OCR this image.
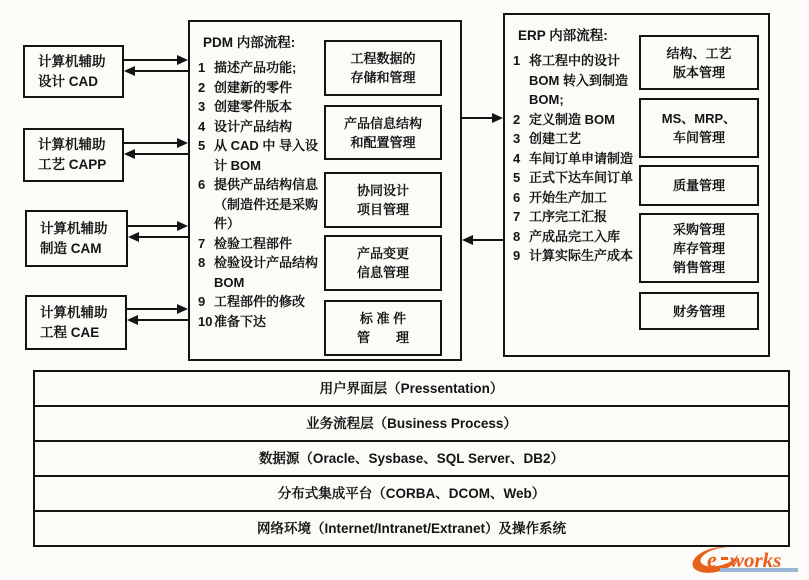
计算机辅助
设计 CAD
计算机辅助
工艺 CAPP
计算机辅助
制造 CAM
计算机辅助
工程 CAE
PDM 内部流程:
1 描述产品功能;
2 创建新的零件
3 创建零件版本
4 设计产品结构
5 从 CAD 中 导入设计 BOM
6 提供产品结构信息（制造件还是采购件）
7 检验工程部件
8 检验设计产品结构 BOM
9 工程部件的修改
10 准备下达
工程数据的
存储和管理
产品信息结构
和配置管理
协同设计
项目管理
产品变更
信息管理
标 准 件
管　　理
ERP 内部流程:
1 将工程中的设计 BOM 转入到制造 BOM;
2 定义制造 BOM
3 创建工艺
4 车间订单申请制造
5 正式下达车间订单
6 开始生产加工
7 工序完工汇报
8 产成品完工入库
9 计算实际生产成本
结构、工艺
版本管理
MS、MRP、
车间管理
质量管理
采购管理
库存管理
销售管理
财务管理
用户界面层（Pressentation）
业务流程层（Business Process）
数据源（Oracle、Sysbase、SQL Server、DB2）
分布式集成平台（CORBA、DCOM、Web）
网络环境（Internet/Intranet/Extranet）及操作系统
e works
